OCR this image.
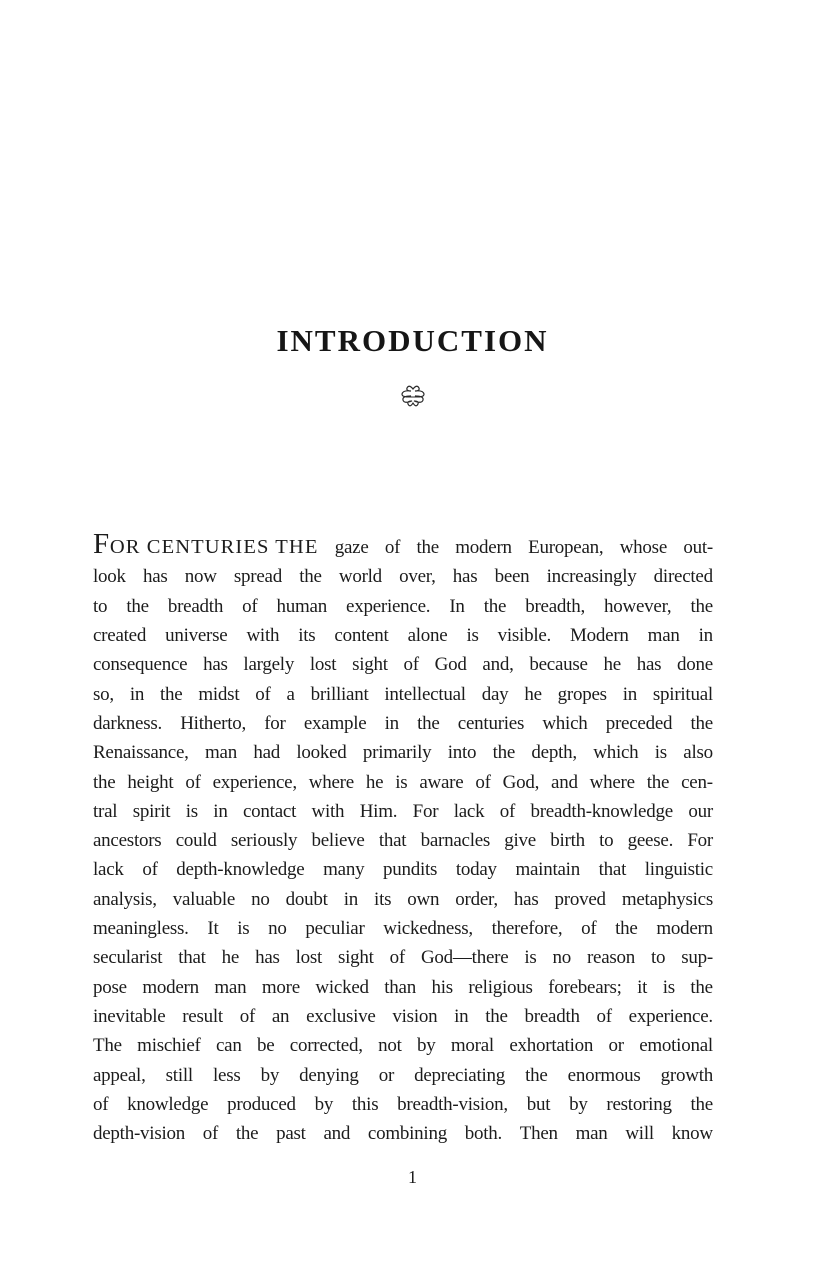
INTRODUCTION
FOR CENTURIES THE gaze of the modern European, whose out-
look has now spread the world over, has been increasingly directed
to the breadth of human experience. In the breadth, however, the
created universe with its content alone is visible. Modern man in
consequence has largely lost sight of God and, because he has done
so, in the midst of a brilliant intellectual day he gropes in spiritual
darkness. Hitherto, for example in the centuries which preceded the
Renaissance, man had looked primarily into the depth, which is also
the height of experience, where he is aware of God, and where the cen-
tral spirit is in contact with Him. For lack of breadth-knowledge our
ancestors could seriously believe that barnacles give birth to geese. For
lack of depth-knowledge many pundits today maintain that linguistic
analysis, valuable no doubt in its own order, has proved metaphysics
meaningless. It is no peculiar wickedness, therefore, of the modern
secularist that he has lost sight of God—there is no reason to sup-
pose modern man more wicked than his religious forebears; it is the
inevitable result of an exclusive vision in the breadth of experience.
The mischief can be corrected, not by moral exhortation or emotional
appeal, still less by denying or depreciating the enormous growth
of knowledge produced by this breadth-vision, but by restoring the
depth-vision of the past and combining both. Then man will know
1
